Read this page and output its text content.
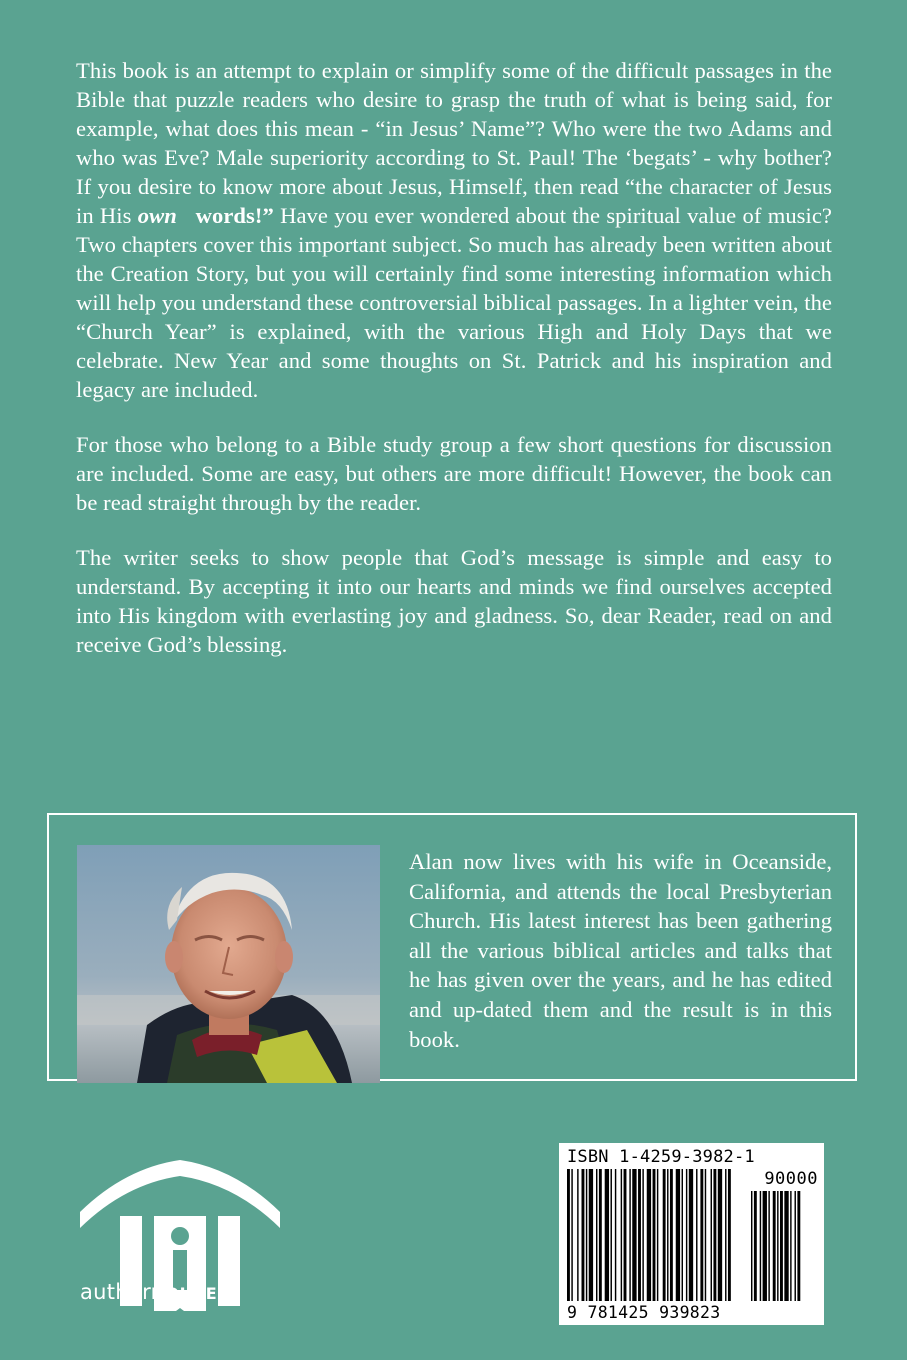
This book is an attempt to explain or simplify some of the difficult passages in the Bible that puzzle readers who desire to grasp the truth of what is being said, for example, what does this mean - “in Jesus’ Name”? Who were the two Adams and who was Eve? Male superiority according to St. Paul! The ‘begats’ - why bother? If you desire to know more about Jesus, Himself, then read “the character of Jesus in His own words!” Have you ever wondered about the spiritual value of music? Two chapters cover this important subject. So much has already been written about the Creation Story, but you will certainly find some interesting information which will help you understand these controversial biblical passages. In a lighter vein, the “Church Year” is explained, with the various High and Holy Days that we celebrate. New Year and some thoughts on St. Patrick and his inspiration and legacy are included.

For those who belong to a Bible study group a few short questions for discussion are included. Some are easy, but others are more difficult! However, the book can be read straight through by the reader.

The writer seeks to show people that God’s message is simple and easy to understand. By accepting it into our hearts and minds we find ourselves accepted into His kingdom with everlasting joy and gladness. So, dear Reader, read on and receive God’s blessing.

Alan now lives with his wife in Oceanside, California, and attends the local Presbyterian Church. His latest interest has been gathering all the various biblical articles and talks that he has given over the years, and he has edited and up-dated them and the result is in this book.
authorHOUSE®
ISBN 1-4259-3982-1
90000
9 781425 939823
